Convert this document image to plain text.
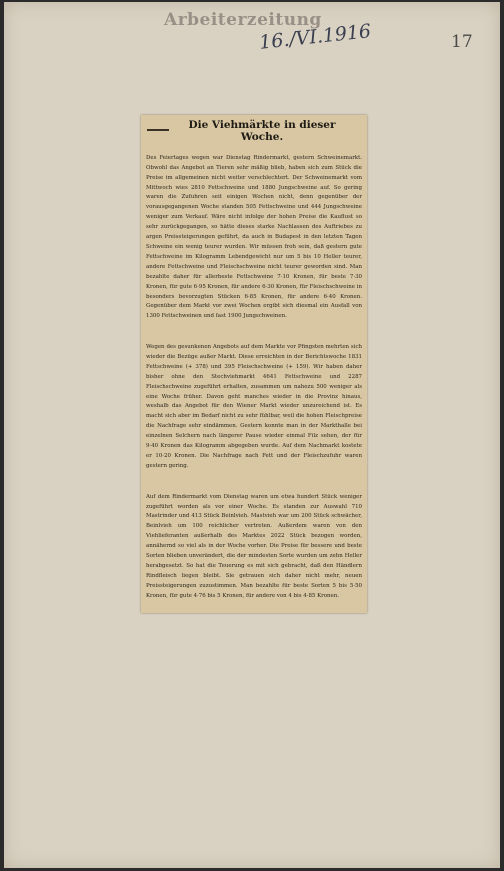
Arbeiterzeitung
16./VI.1916	17
Die Viehmärkte in dieser Woche.

Des Feiertages wegen war Dienstag Rindermarkt, gestern Schweinemarkt. Obwohl das Angebot an Tieren sehr mäßig blieb, haben sich zum Stück die Preise im allgemeinen nicht weiter verschlechtert. Der Schweinemarkt vom Mittwoch wies 2810 Fettschweine und 1880 Jungschweine auf. So gering waren die Zufuhren seit einigen Wochen nicht, denn gegenüber der vorausgegangenen Woche standen 505 Fettschweine und 444 Jungschweine weniger zum Verkauf. Wäre nicht infolge der hohen Preise die Kauflust so sehr zurückgegangen, so hätte dieses starke Nachlassen des Auftriebes zu argen Preissteigerungen geführt, da auch in Budapest in den letzten Tagen Schweine ein wenig teurer wurden. Wir müssen froh sein, daß gestern gute Fettschweine im Kilogramm Lebendgewicht nur um 5 bis 10 Heller teurer, andere Fettschweine und Fleischschweine nicht teurer geworden sind. Man bezahlte daher für allerbeste Fettschweine 7·10 Kronen, für beste 7·30 Kronen, für gute 6·95 Kronen, für andere 6·30 Kronen, für Fleischschweine in besonders bevorzugten Stücken 6·85 Kronen, für andere 6·40 Kronen. Gegenüber dem Markt vor zwei Wochen ergibt sich diesmal ein Ausfall von 1300 Fettschweinen und fast 1900 Jungschweinen.

Wegen des gesunkenen Angebots auf dem Markte vor Pfingsten mehrten sich wieder die Bezüge außer Markt. Diese erreichten in der Berichtswoche 1831 Fettschweine (+ 378) und 395 Fleischschweine (+ 159). Wir haben daher bisher ohne den Stechviehmarkt 4641 Fettschweine und 2287 Fleischschweine zugeführt erhalten, zusammen um nahezu 500 weniger als eine Woche früher. Davon geht manches wieder in die Provinz hinaus, weshalb das Angebot für den Wiener Markt wieder unzureichend ist. Es macht sich aber im Bedarf nicht zu sehr fühlbar, weil die hohen Fleischpreise die Nachfrage sehr eindämmen. Gestern konnte man in der Markthalle bei einzelnen Selchern nach längerer Pause wieder einmal Filz sehen, der für 9·40 Kronen das Kilogramm abgegeben wurde. Auf dem Nachmarkt kostete er 10·20 Kronen. Die Nachfrage nach Fett und der Fleischzufuhr waren gestern gering.

Auf dem Rindermarkt vom Dienstag waren um etwa hundert Stück weniger zugeführt worden als vor einer Woche. Es standen zur Auswahl 710 Mastrinder und 413 Stück Beinlvieh. Mastvieh war um 200 Stück schwächer, Beinlvieh um 100 reichlicher vertreten. Außerdem waren von den Viehlieferanten außerhalb des Marktes 2022 Stück bezogen worden, annähernd so viel als in der Woche vorher. Die Preise für bessere und beste Sorten blieben unverändert, die der mindesten Sorte wurden um zehn Heller herabgesetzt. So hat die Teuerung es mit sich gebracht, daß den Händlern Rindfleisch liegen bleibt. Sie getrauen sich daher nicht mehr, neuen Preissteigerungen zuzustimmen. Man bezahlte für beste Sorten 5 bis 5·50 Kronen, für gute 4·76 bis 5 Kronen, für andere von 4 bis 4·85 Kronen.
